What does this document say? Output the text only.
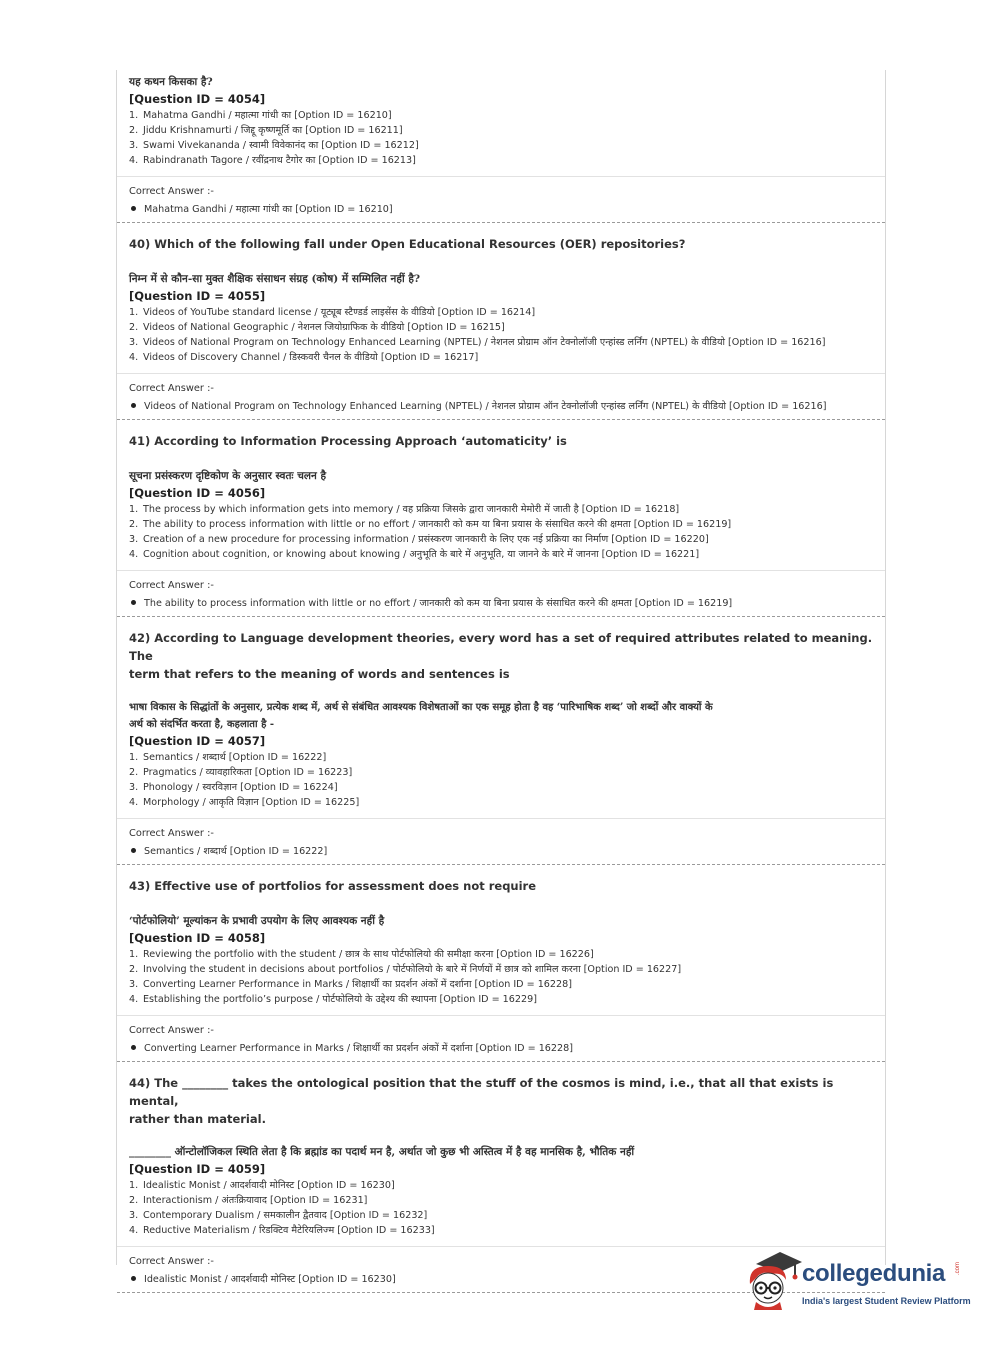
यह कथन किसका है?

[Question ID = 4054]

1. Mahatma Gandhi / महात्मा गांधी का [Option ID = 16210]
2. Jiddu Krishnamurti / जिद्दू कृष्णमूर्ति का [Option ID = 16211]
3. Swami Vivekananda / स्वामी विवेकानंद का [Option ID = 16212]
4. Rabindranath Tagore / रवींद्रनाथ टैगोर का [Option ID = 16213]

Correct Answer :-

Mahatma Gandhi / महात्मा गांधी का [Option ID = 16210]

40) Which of the following fall under Open Educational Resources (OER) repositories?

निम्न में से कौन-सा मुक्त शैक्षिक संसाधन संग्रह (कोष) में सम्मिलित नहीं है?

[Question ID = 4055]

1. Videos of YouTube standard license / यूट्यूब स्टैण्डर्ड लाइसेंस के वीडियो [Option ID = 16214]
2. Videos of National Geographic / नेशनल जियोग्राफिक के वीडियो [Option ID = 16215]
3. Videos of National Program on Technology Enhanced Learning (NPTEL) / नेशनल प्रोग्राम ऑन टेक्नोलॉजी एन्हांस्ड लर्निंग (NPTEL) के वीडियो [Option ID = 16216]
4. Videos of Discovery Channel / डिस्कवरी चैनल के वीडियो [Option ID = 16217]

Correct Answer :-

Videos of National Program on Technology Enhanced Learning (NPTEL) / नेशनल प्रोग्राम ऑन टेक्नोलॉजी एन्हांस्ड लर्निंग (NPTEL) के वीडियो [Option ID = 16216]

41) According to Information Processing Approach ‘automaticity’ is

सूचना प्रसंस्करण दृष्टिकोण के अनुसार स्वतः चलन है

[Question ID = 4056]

1. The process by which information gets into memory / वह प्रक्रिया जिसके द्वारा जानकारी मेमोरी में जाती है [Option ID = 16218]
2. The ability to process information with little or no effort / जानकारी को कम या बिना प्रयास के संसाधित करने की क्षमता [Option ID = 16219]
3. Creation of a new procedure for processing information / प्रसंस्करण जानकारी के लिए एक नई प्रक्रिया का निर्माण [Option ID = 16220]
4. Cognition about cognition, or knowing about knowing / अनुभूति के बारे में अनुभूति, या जानने के बारे में जानना [Option ID = 16221]

Correct Answer :-

The ability to process information with little or no effort / जानकारी को कम या बिना प्रयास के संसाधित करने की क्षमता [Option ID = 16219]

42) According to Language development theories, every word has a set of required attributes related to meaning. The

term that refers to the meaning of words and sentences is

भाषा विकास के सिद्धांतों के अनुसार, प्रत्येक शब्द में, अर्थ से संबंधित आवश्यक विशेषताओं का एक समूह होता है वह ‘पारिभाषिक शब्द’ जो शब्दों और वाक्यों के

अर्थ को संदर्भित करता है, कहलाता है -

[Question ID = 4057]

1. Semantics / शब्दार्थ [Option ID = 16222]
2. Pragmatics / व्यावहारिकता [Option ID = 16223]
3. Phonology / स्वरविज्ञान [Option ID = 16224]
4. Morphology / आकृति विज्ञान [Option ID = 16225]

Correct Answer :-

Semantics / शब्दार्थ [Option ID = 16222]

43) Effective use of portfolios for assessment does not require

‘पोर्टफोलियो’ मूल्यांकन के प्रभावी उपयोग के लिए आवश्यक नहीं है

[Question ID = 4058]

1. Reviewing the portfolio with the student / छात्र के साथ पोर्टफोलियो की समीक्षा करना [Option ID = 16226]
2. Involving the student in decisions about portfolios / पोर्टफोलियो के बारे में निर्णयों में छात्र को शामिल करना [Option ID = 16227]
3. Converting Learner Performance in Marks / शिक्षार्थी का प्रदर्शन अंकों में दर्शाना [Option ID = 16228]
4. Establishing the portfolio’s purpose / पोर्टफोलियो के उद्देश्य की स्थापना [Option ID = 16229]

Correct Answer :-

Converting Learner Performance in Marks / शिक्षार्थी का प्रदर्शन अंकों में दर्शाना [Option ID = 16228]

44) The ________ takes the ontological position that the stuff of the cosmos is mind, i.e., that all that exists is mental,

rather than material.

________ ऑन्टोलॉजिकल स्थिति लेता है कि ब्रह्मांड का पदार्थ मन है, अर्थात जो कुछ भी अस्तित्व में है वह मानसिक है, भौतिक नहीं

[Question ID = 4059]

1. Idealistic Monist / आदर्शवादी मोनिस्ट [Option ID = 16230]
2. Interactionism / अंतःक्रियावाद [Option ID = 16231]
3. Contemporary Dualism / समकालीन द्वैतवाद [Option ID = 16232]
4. Reductive Materialism / रिडक्टिव मैटेरियलिज्म [Option ID = 16233]

Correct Answer :-

Idealistic Monist / आदर्शवादी मोनिस्ट [Option ID = 16230]	collegedunia .com
India's largest Student Review Platform
